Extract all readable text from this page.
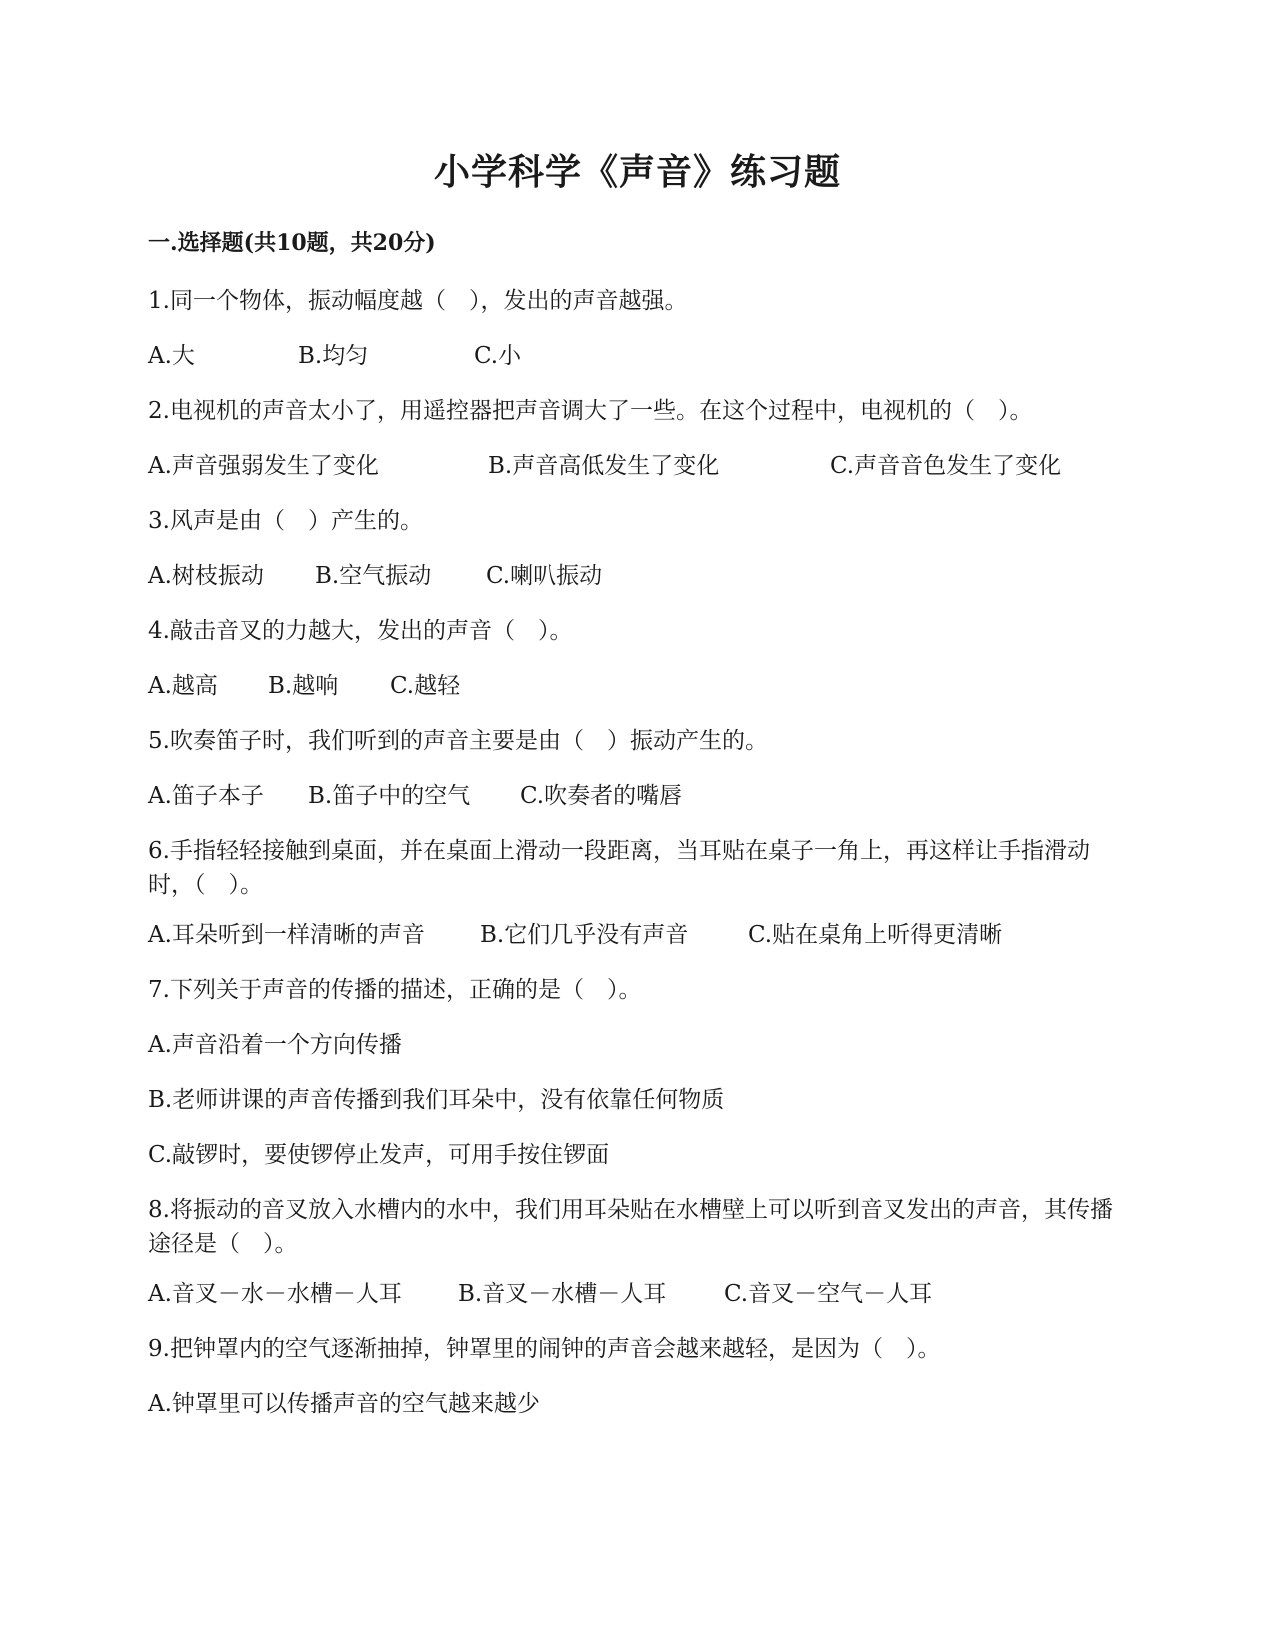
小学科学《声音》练习题
一.选择题(共10题，共20分)
1.同一个物体，振动幅度越（　），发出的声音越强。
A.大	B.均匀	C.小
2.电视机的声音太小了，用遥控器把声音调大了一些。在这个过程中，电视机的（　）。
A.声音强弱发生了变化	B.声音高低发生了变化	C.声音音色发生了变化
3.风声是由（　）产生的。
A.树枝振动 B.空气振动 C.喇叭振动
4.敲击音叉的力越大，发出的声音（　）。
A.越高 B.越响 C.越轻
5.吹奏笛子时，我们听到的声音主要是由（　）振动产生的。
A.笛子本子 B.笛子中的空气 C.吹奏者的嘴唇
6.手指轻轻接触到桌面，并在桌面上滑动一段距离，当耳贴在桌子一角上，再这样让手指滑动时，（　）。
A.耳朵听到一样清晰的声音 B.它们几乎没有声音	C.贴在桌角上听得更清晰
7.下列关于声音的传播的描述，正确的是（　）。
A.声音沿着一个方向传播
B.老师讲课的声音传播到我们耳朵中，没有依靠任何物质
C.敲锣时，要使锣停止发声，可用手按住锣面
8.将振动的音叉放入水槽内的水中，我们用耳朵贴在水槽壁上可以听到音叉发出的声音，其传播途径是（　）。
A.音叉－水－水槽－人耳 B.音叉－水槽－人耳	C.音叉－空气－人耳
9.把钟罩内的空气逐渐抽掉，钟罩里的闹钟的声音会越来越轻，是因为（　）。
A.钟罩里可以传播声音的空气越来越少
